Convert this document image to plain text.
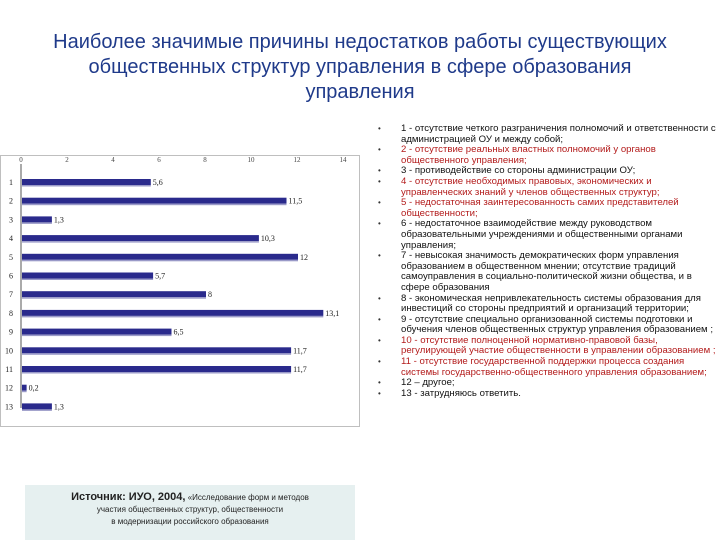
Наиболее значимые причины недостатков работы существующих
общественных структур управления в сфере образования
управления
1	5,6
2	11,5
3	1,3
4	10,3
5	12
6	5,7
7	8
8	13,1
9	6,5
10	11,7
11	11,7
12 0,2
13	1,3
0	2	4	6	8	10	12	14
Источник: ИУО, 2004, «Исследование форм и методов
участия общественных структур, общественности
в модернизации российского образования
• 1 - отсутствие четкого разграничения полномочий и ответственности с администрацией ОУ и между собой;
• 2 - отсутствие реальных властных полномочий у органов общественного управления;
• 3 - противодействие со стороны администрации ОУ;
• 4 - отсутствие необходимых правовых, экономических и управленческих знаний у членов общественных структур;
• 5 - недостаточная заинтересованность самих представителей общественности;
• 6 - недостаточное взаимодействие между руководством образовательными учреждениями и общественными органами управления;
• 7 - невысокая значимость демократических форм управления образованием в общественном мнении; отсутствие традиций самоуправления в социально-политической жизни общества, и в сфере образования
• 8 - экономическая непривлекательность системы образования для инвестиций со стороны предприятий и организаций территории;
• 9 - отсутствие специально организованной системы подготовки и обучения членов общественных структур управления образованием ;
• 10 - отсутствие полноценной нормативно-правовой базы, регулирующей участие общественности в управлении образованием ;
• 11 - отсутствие государственной поддержки процесса создания системы государственно-общественного управления образованием;
• 12 – другое;
• 13 - затрудняюсь ответить.
